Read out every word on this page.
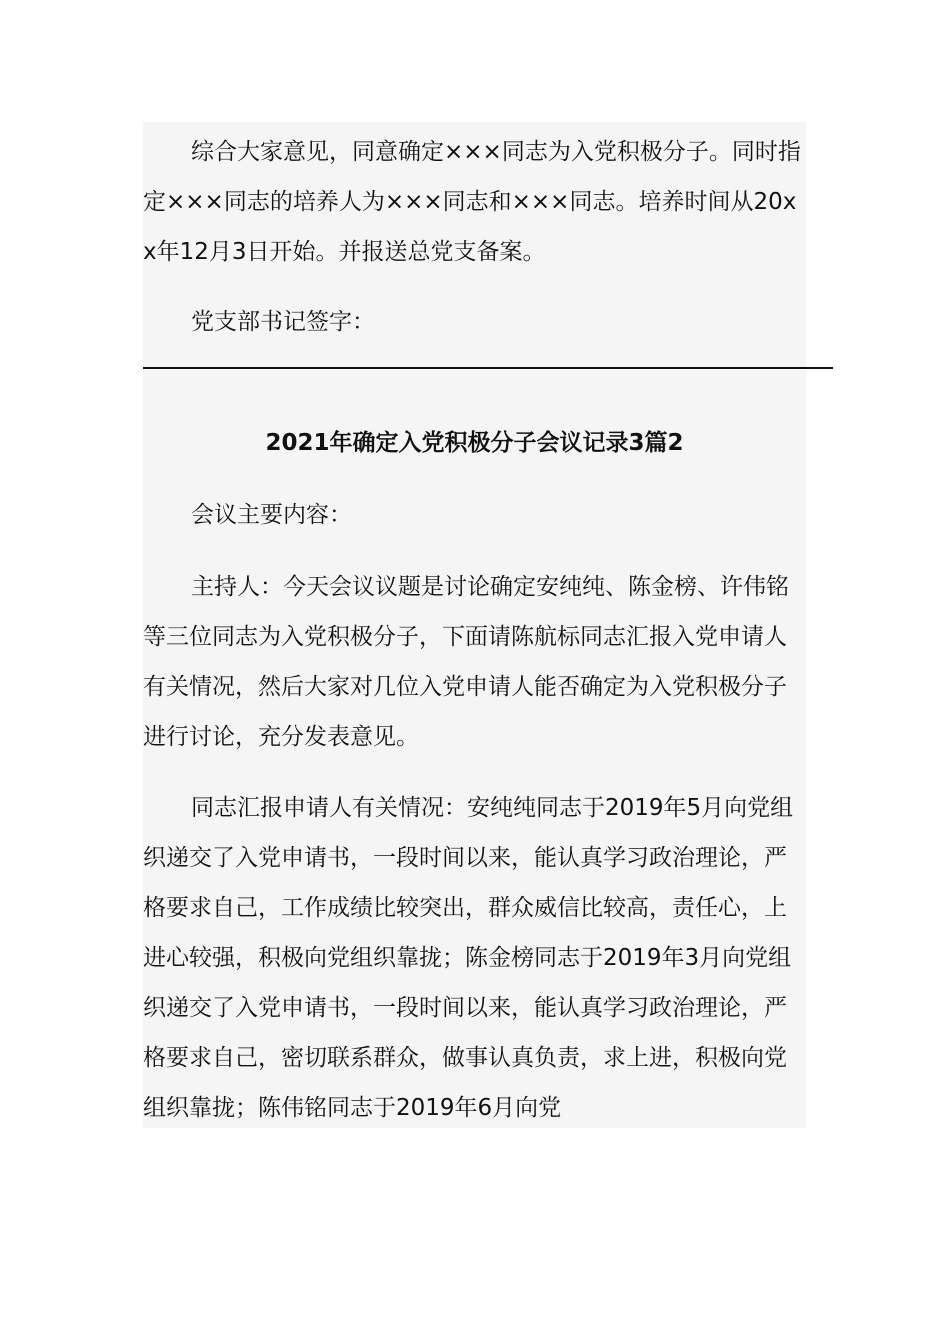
综合大家意见，同意确定×××同志为入党积极分子。同时指定×××同志的培养人为×××同志和×××同志。培养时间从20xx年12月3日开始。并报送总党支备案。

党支部书记签字：

2021年确定入党积极分子会议记录3篇2

会议主要内容：

主持人：今天会议议题是讨论确定安纯纯、陈金榜、许伟铭等三位同志为入党积极分子，下面请陈航标同志汇报入党申请人有关情况，然后大家对几位入党申请人能否确定为入党积极分子进行讨论，充分发表意见。

同志汇报申请人有关情况：安纯纯同志于2019年5月向党组织递交了入党申请书，一段时间以来，能认真学习政治理论，严格要求自己，工作成绩比较突出，群众威信比较高，责任心，上进心较强，积极向党组织靠拢；陈金榜同志于2019年3月向党组织递交了入党申请书，一段时间以来，能认真学习政治理论，严格要求自己，密切联系群众，做事认真负责，求上进，积极向党组织靠拢；陈伟铭同志于2019年6月向党
